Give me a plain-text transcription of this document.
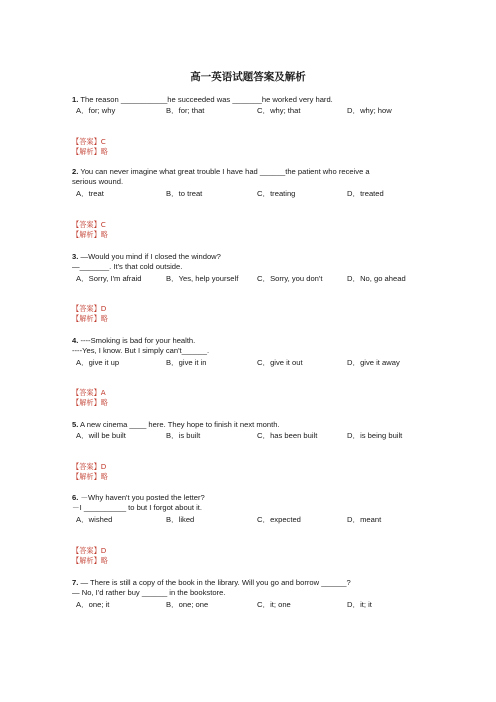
高一英语试题答案及解析
1. The reason ___________he succeeded was _______he worked very hard.
A．for; why	B．for; that	C．why; that	D．why; how
【答案】C
【解析】略
2. You can never imagine what great trouble I have had ______the patient who receive a
serious wound.
A．treat	B．to treat	C．treating	D．treated
【答案】C
【解析】略
3. —Would you mind if I closed the window?
—_______. It's that cold outside.
A．Sorry, I'm afraid	B．Yes, help yourself C．Sorry, you don't	D．No, go ahead
【答案】D
【解析】略
4. ----Smoking is bad for your health.
----Yes, I know. But I simply can't______.
A．give it up	B．give it in	C．give it out	D．give it away
【答案】A
【解析】略
5. A new cinema ____ here. They hope to finish it next month.
A．will be built	B．is built	C．has been built	D．is being built
【答案】D
【解析】略
6. －Why haven't you posted the letter?
－I __________ to but I forgot about it.
A．wished	B．liked	C．expected	D．meant
【答案】D
【解析】略
7. — There is still a copy of the book in the library. Will you go and borrow ______?
— No, I'd rather buy ______ in the bookstore.
A．one; it	B．one; one	C．it; one	D．it; it
